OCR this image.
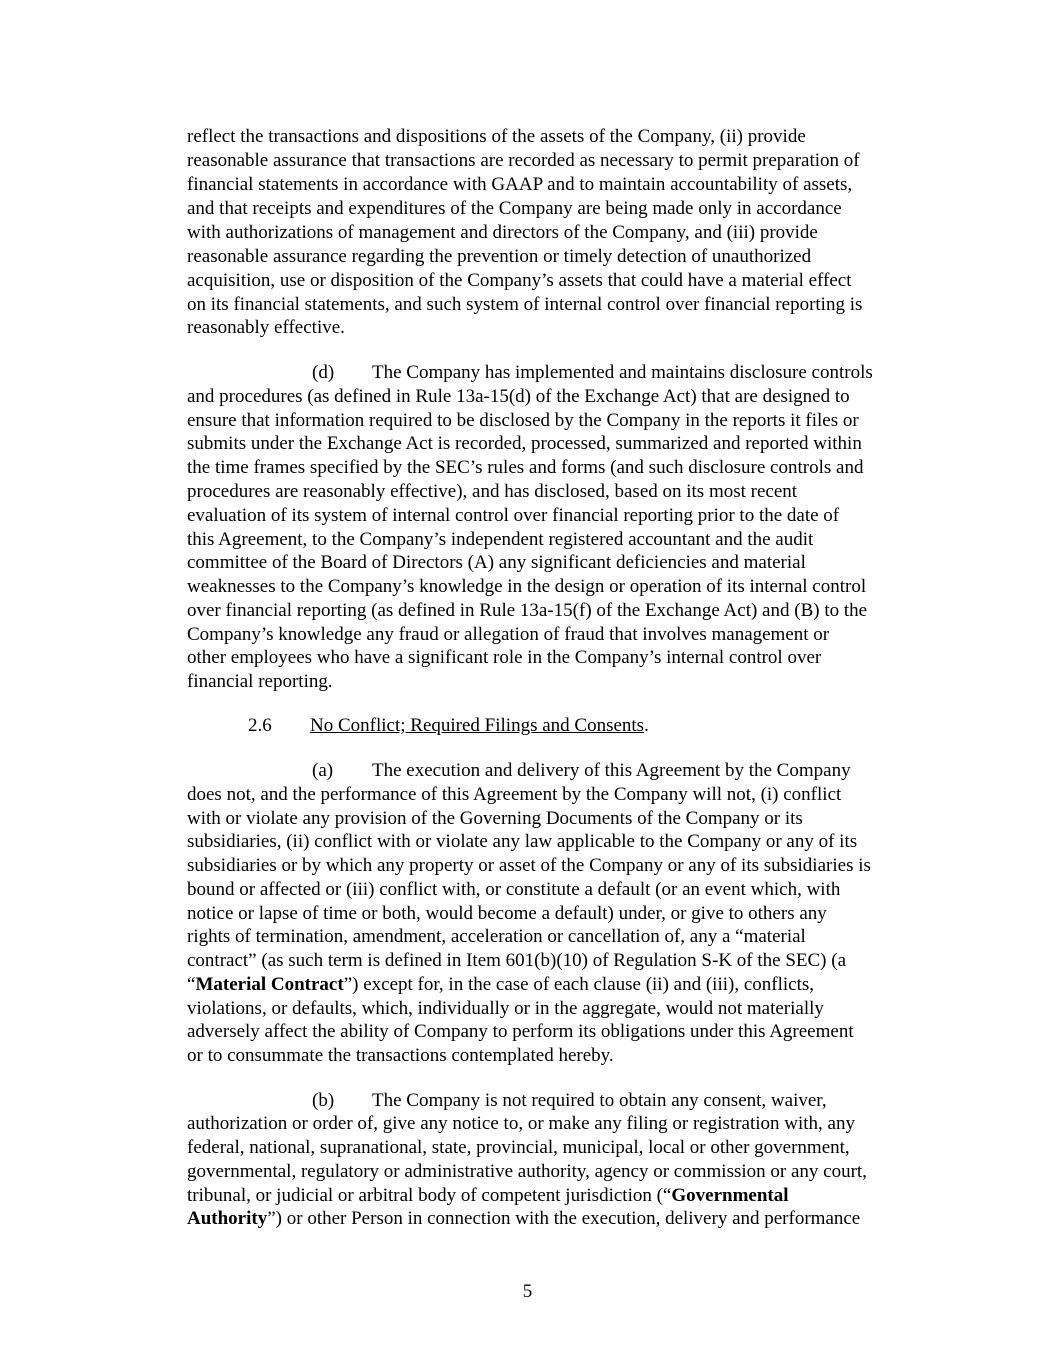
reflect the transactions and dispositions of the assets of the Company, (ii) provide

reasonable assurance that transactions are recorded as necessary to permit preparation of

financial statements in accordance with GAAP and to maintain accountability of assets,

and that receipts and expenditures of the Company are being made only in accordance

with authorizations of management and directors of the Company, and (iii) provide

reasonable assurance regarding the prevention or timely detection of unauthorized

acquisition, use or disposition of the Company’s assets that could have a material effect

on its financial statements, and such system of internal control over financial reporting is

reasonably effective.

(d) The Company has implemented and maintains disclosure controls

and procedures (as defined in Rule 13a-15(d) of the Exchange Act) that are designed to

ensure that information required to be disclosed by the Company in the reports it files or

submits under the Exchange Act is recorded, processed, summarized and reported within

the time frames specified by the SEC’s rules and forms (and such disclosure controls and

procedures are reasonably effective), and has disclosed, based on its most recent

evaluation of its system of internal control over financial reporting prior to the date of

this Agreement, to the Company’s independent registered accountant and the audit

committee of the Board of Directors (A) any significant deficiencies and material

weaknesses to the Company’s knowledge in the design or operation of its internal control

over financial reporting (as defined in Rule 13a-15(f) of the Exchange Act) and (B) to the

Company’s knowledge any fraud or allegation of fraud that involves management or

other employees who have a significant role in the Company’s internal control over

financial reporting.

2.6 No Conflict; Required Filings and Consents.
(a) The execution and delivery of this Agreement by the Company

does not, and the performance of this Agreement by the Company will not, (i) conflict

with or violate any provision of the Governing Documents of the Company or its

subsidiaries, (ii) conflict with or violate any law applicable to the Company or any of its

subsidiaries or by which any property or asset of the Company or any of its subsidiaries is

bound or affected or (iii) conflict with, or constitute a default (or an event which, with

notice or lapse of time or both, would become a default) under, or give to others any

rights of termination, amendment, acceleration or cancellation of, any a “material

contract” (as such term is defined in Item 601(b)(10) of Regulation S-K of the SEC) (a

“Material Contract”) except for, in the case of each clause (ii) and (iii), conflicts,

violations, or defaults, which, individually or in the aggregate, would not materially

adversely affect the ability of Company to perform its obligations under this Agreement

or to consummate the transactions contemplated hereby.

(b) The Company is not required to obtain any consent, waiver,

authorization or order of, give any notice to, or make any filing or registration with, any

federal, national, supranational, state, provincial, municipal, local or other government,

governmental, regulatory or administrative authority, agency or commission or any court,

tribunal, or judicial or arbitral body of competent jurisdiction (“Governmental

Authority”) or other Person in connection with the execution, delivery and performance

5
